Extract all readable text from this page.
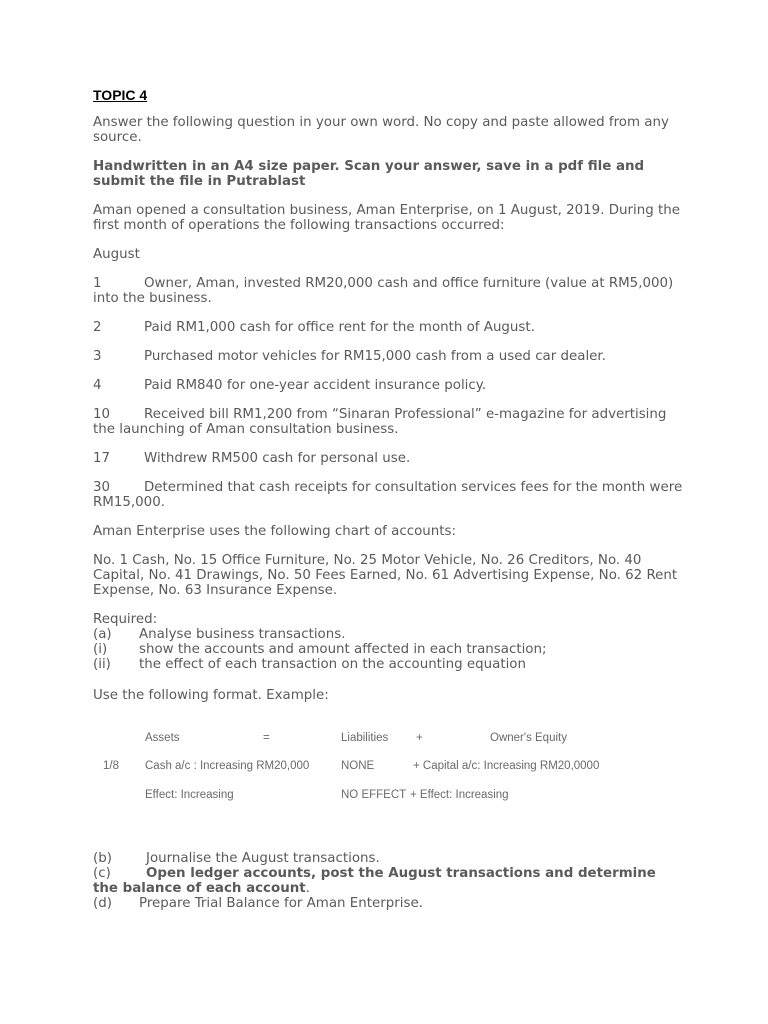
TOPIC 4

Answer the following question in your own word. No copy and paste allowed from any source.

Handwritten in an A4 size paper. Scan your answer, save in a pdf file and submit the file in Putrablast

Aman opened a consultation business, Aman Enterprise, on 1 August, 2019. During the first month of operations the following transactions occurred:

August

1	Owner, Aman, invested RM20,000 cash and office furniture (value at RM5,000) into the business.
2	Paid RM1,000 cash for office rent for the month of August.
3	Purchased motor vehicles for RM15,000 cash from a used car dealer.
4	Paid RM840 for one-year accident insurance policy.
10	Received bill RM1,200 from “Sinaran Professional” e-magazine for advertising the launching of Aman consultation business.
17	Withdrew RM500 cash for personal use.
30	Determined that cash receipts for consultation services fees for the month were RM15,000.

Aman Enterprise uses the following chart of accounts:

No. 1 Cash, No. 15 Office Furniture, No. 25 Motor Vehicle, No. 26 Creditors, No. 40 Capital, No. 41 Drawings, No. 50 Fees Earned, No. 61 Advertising Expense, No. 62 Rent Expense, No. 63 Insurance Expense.

Required:
(a)	Analyse business transactions.
(i)	show the accounts and amount affected in each transaction;
(ii)	the effect of each transaction on the accounting equation

Use the following format. Example:

Assets	=	Liabilities +	Owner's Equity
1/8 Cash a/c : Increasing RM20,000	NONE	+ Capital a/c: Increasing RM20,0000
Effect: Increasing	NO EFFECT + Effect: Increasing
(b)	Journalise the August transactions.
(c)	Open ledger accounts, post the August transactions and determine the balance of each account.
(d) Prepare Trial Balance for Aman Enterprise.
